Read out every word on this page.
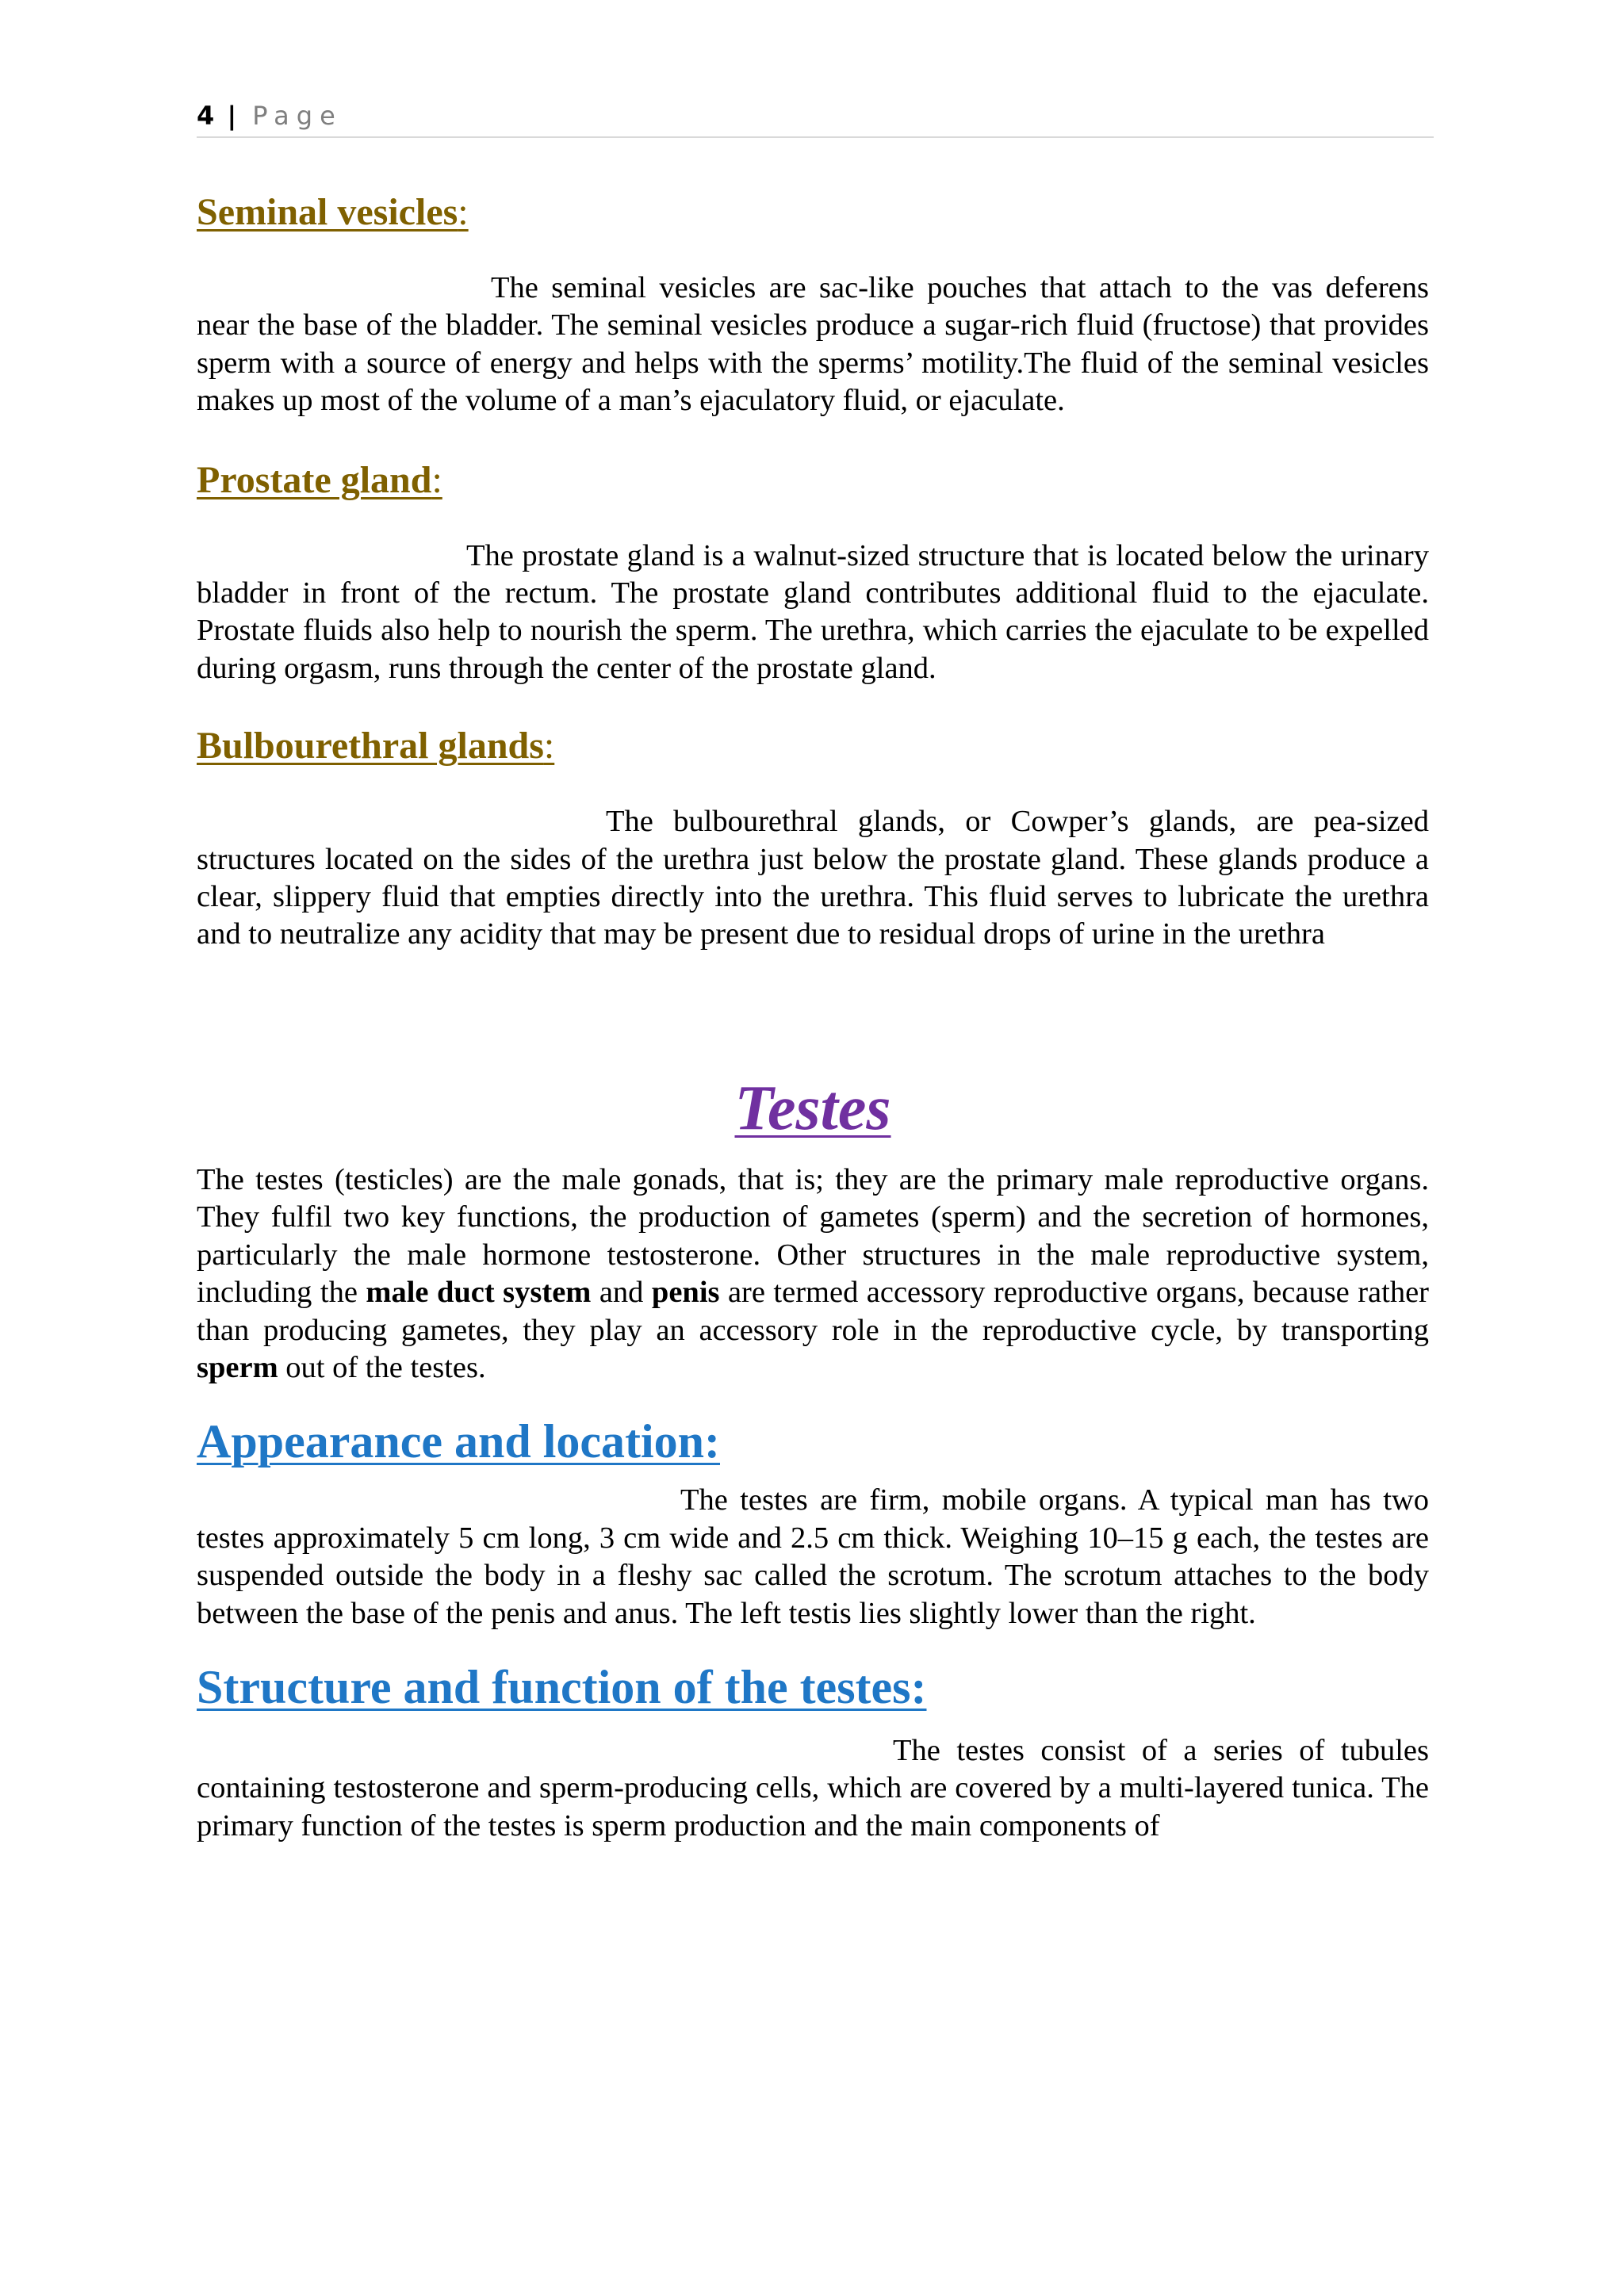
4 | Page
Seminal vesicles:

The seminal vesicles are sac-like pouches that attach to the vas deferens near the base of the bladder. The seminal vesicles produce a sugar-rich fluid (fructose) that provides sperm with a source of energy and helps with the sperms’ motility.The fluid of the seminal vesicles makes up most of the volume of a man’s ejaculatory fluid, or ejaculate.

Prostate gland:

The prostate gland is a walnut-sized structure that is located below the urinary bladder in front of the rectum. The prostate gland contributes additional fluid to the ejaculate. Prostate fluids also help to nourish the sperm. The urethra, which carries the ejaculate to be expelled during orgasm, runs through the center of the prostate gland.

Bulbourethral glands:

The bulbourethral glands, or Cowper’s glands, are pea-sized structures located on the sides of the urethra just below the prostate gland. These glands produce a clear, slippery fluid that empties directly into the urethra. This fluid serves to lubricate the urethra and to neutralize any acidity that may be present due to residual drops of urine in the urethra

Testes

The testes (testicles) are the male gonads, that is; they are the primary male reproductive organs. They fulfil two key functions, the production of gametes (sperm) and the secretion of hormones, particularly the male hormone testosterone. Other structures in the male reproductive system, including the male duct system and penis are termed accessory reproductive organs, because rather than producing gametes, they play an accessory role in the reproductive cycle, by transporting sperm out of the testes.

Appearance and location:

The testes are firm, mobile organs. A typical man has two testes approximately 5 cm long, 3 cm wide and 2.5 cm thick. Weighing 10–15 g each, the testes are suspended outside the body in a fleshy sac called the scrotum. The scrotum attaches to the body between the base of the penis and anus. The left testis lies slightly lower than the right.

Structure and function of the testes:

The testes consist of a series of tubules containing testosterone and sperm-producing cells, which are covered by a multi-layered tunica. The primary function of the testes is sperm production and the main components of
